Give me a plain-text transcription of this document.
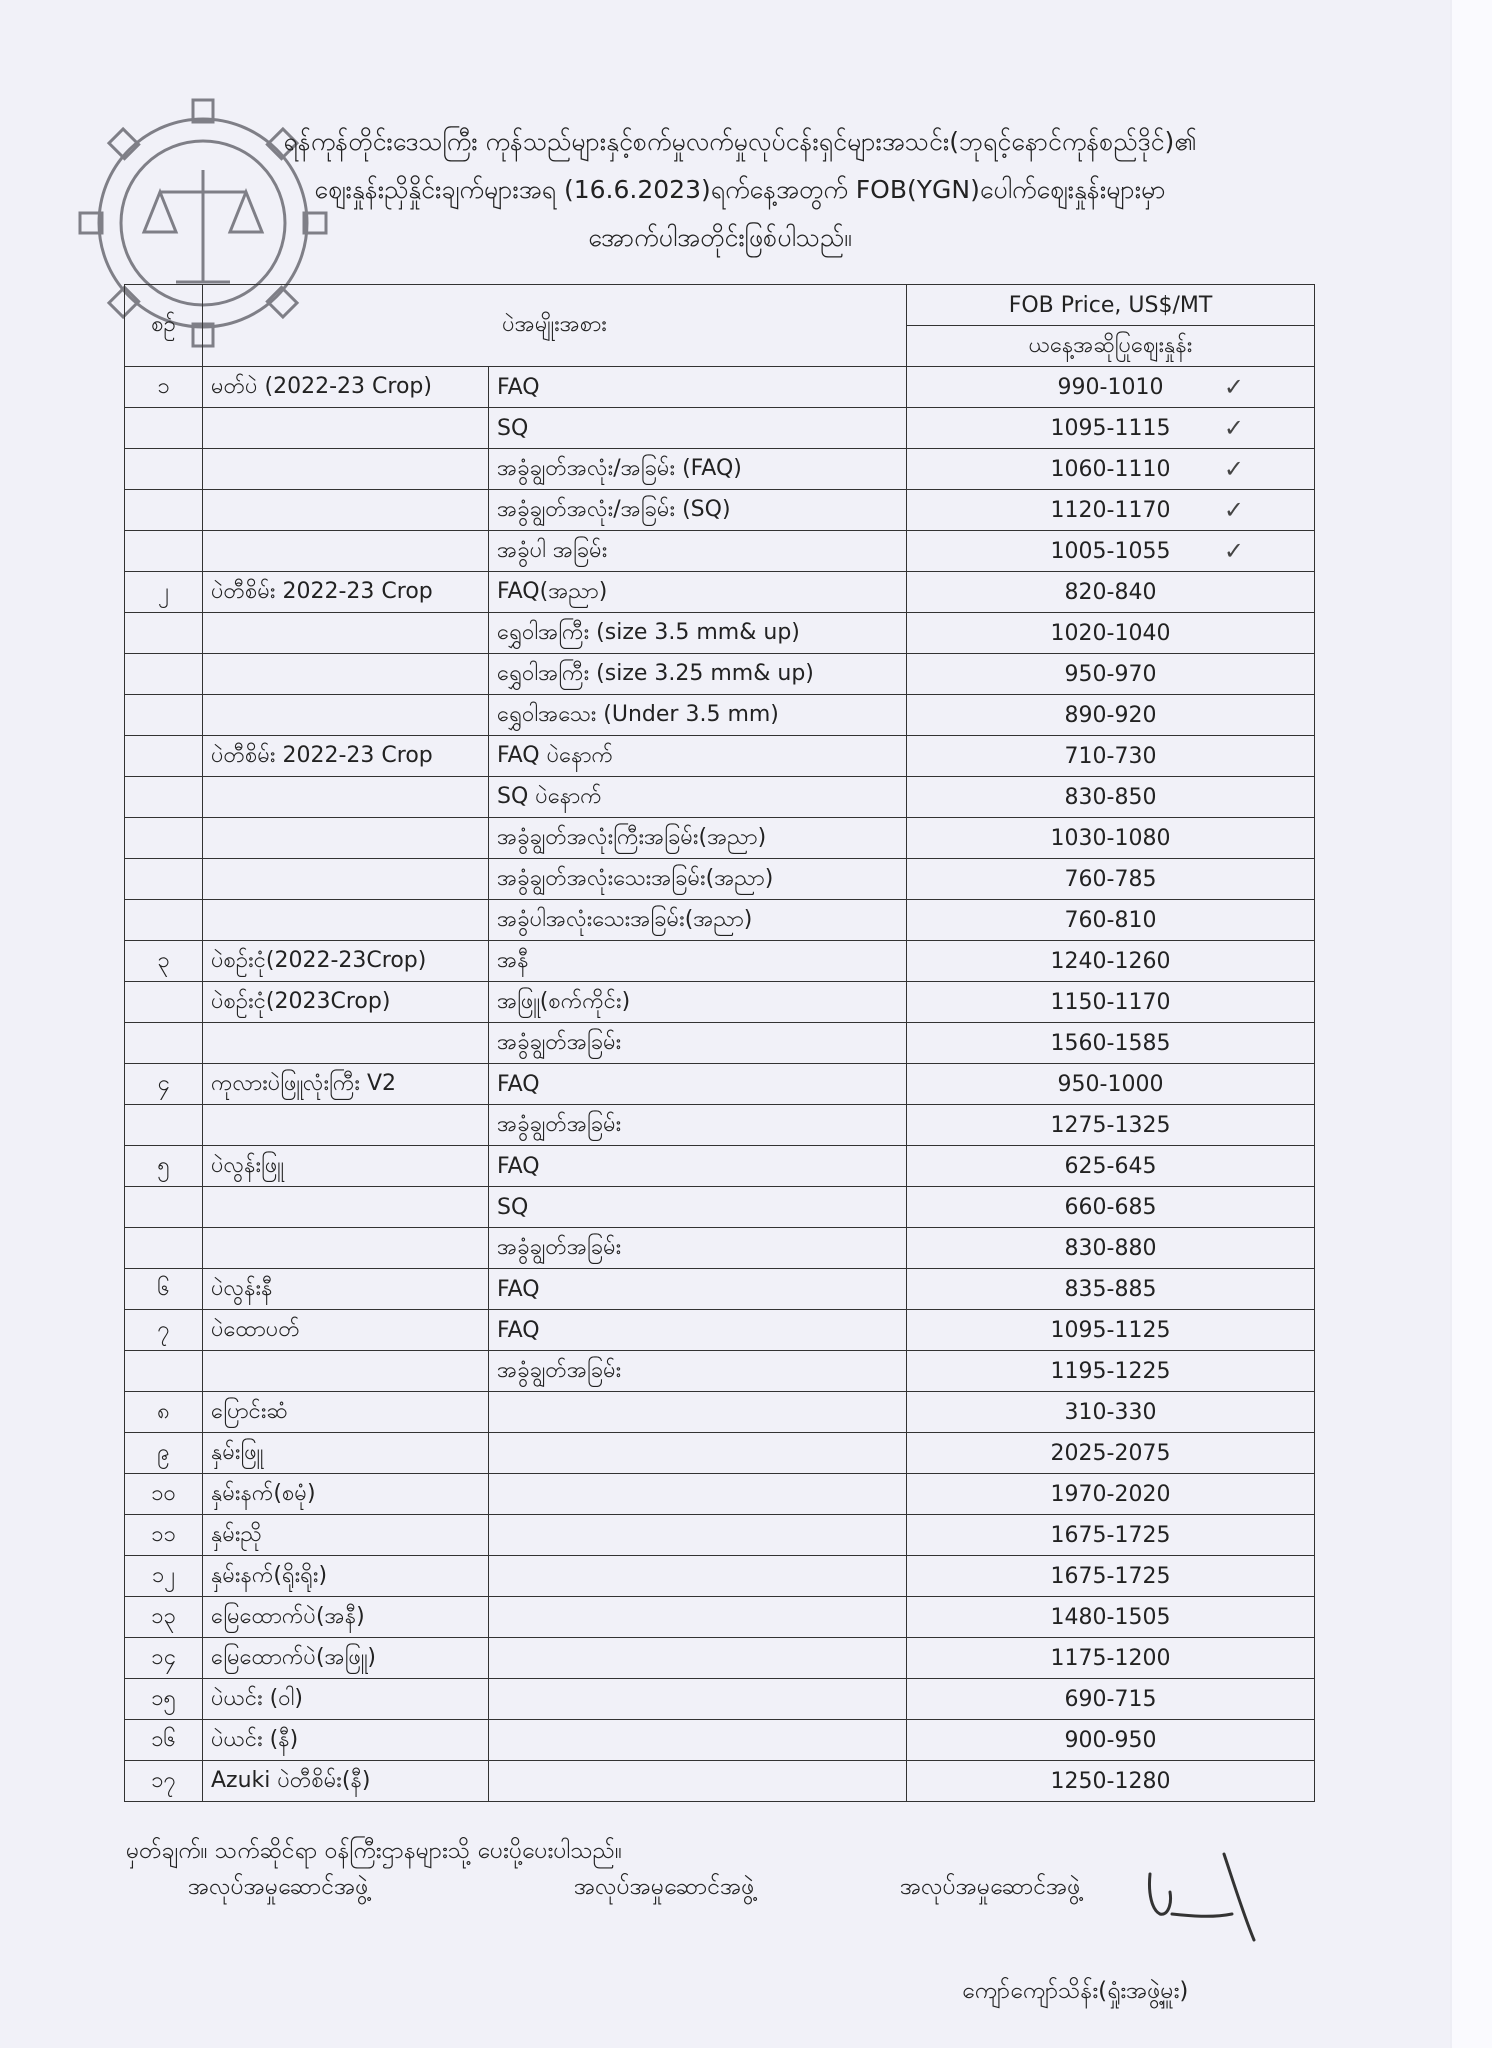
ရန်ကုန်တိုင်းဒေသကြီး ကုန်သည်များနှင့်စက်မှုလက်မှုလုပ်ငန်းရှင်များအသင်း(ဘုရင့်နောင်ကုန်စည်ဒိုင်)၏
ဈေးနှုန်းညှိနှိုင်းချက်များအရ (16.6.2023)ရက်နေ့အတွက် FOB(YGN)ပေါက်ဈေးနှုန်းများမှာ
အောက်ပါအတိုင်းဖြစ်ပါသည်။
စဉ်	ပဲအမျိုးအစား		FOB Price, US$/MT
			ယနေ့အဆိုပြုဈေးနှုန်း
၁	မတ်ပဲ (2022-23 Crop)	FAQ	990-1010 ✓

		SQ	1095-1115 ✓

		အခွံချွတ်အလုံး/အခြမ်း (FAQ)	1060-1110 ✓

		အခွံချွတ်အလုံး/အခြမ်း (SQ)	1120-1170 ✓

		အခွံပါ အခြမ်း	1005-1055 ✓

၂	ပဲတီစိမ်း 2022-23 Crop	FAQ(အညာ)	820-840
		ရွှေဝါအကြီး (size 3.5 mm& up)	1020-1040
		ရွှေဝါအကြီး (size 3.25 mm& up)	950-970
		ရွှေဝါအသေး (Under 3.5 mm)	890-920
	ပဲတီစိမ်း 2022-23 Crop	FAQ ပဲနောက်	710-730
		SQ ပဲနောက်	830-850
		အခွံချွတ်အလုံးကြီးအခြမ်း(အညာ)	1030-1080
		အခွံချွတ်အလုံးသေးအခြမ်း(အညာ)	760-785
		အခွံပါအလုံးသေးအခြမ်း(အညာ)	760-810
၃	ပဲစဉ်းငုံ(2022-23Crop)	အနီ	1240-1260
	ပဲစဉ်းငုံ(2023Crop)	အဖြူ(စက်ကိုင်း)	1150-1170
		အခွံချွတ်အခြမ်း	1560-1585
၄	ကုလားပဲဖြူလုံးကြီး V2	FAQ	950-1000
		အခွံချွတ်အခြမ်း	1275-1325
၅	ပဲလွန်းဖြူ	FAQ	625-645
		SQ	660-685
		အခွံချွတ်အခြမ်း	830-880
၆	ပဲလွန်းနီ	FAQ	835-885
၇	ပဲထောပတ်	FAQ	1095-1125
		အခွံချွတ်အခြမ်း	1195-1225
၈	ပြောင်းဆံ		310-330
၉	နှမ်းဖြူ		2025-2075
၁၀	နှမ်းနက်(စမုံ)		1970-2020
၁၁	နှမ်းညို		1675-1725
၁၂	နှမ်းနက်(ရိုးရိုး)		1675-1725
၁၃	မြေထောက်ပဲ(အနီ)		1480-1505
၁၄	မြေထောက်ပဲ(အဖြူ)		1175-1200
၁၅	ပဲယင်း (ဝါ)		690-715
၁၆	ပဲယင်း (နီ)		900-950
၁၇	Azuki ပဲတီစိမ်း(နီ)		1250-1280
မှတ်ချက်။ သက်ဆိုင်ရာ ဝန်ကြီးဌာနများသို့ ပေးပို့ပေးပါသည်။
အလုပ်အမှုဆောင်အဖွဲ့	အလုပ်အမှုဆောင်အဖွဲ့	အလုပ်အမှုဆောင်အဖွဲ့
ကျော်ကျော်သိန်း(ရှုံးအဖွဲ့မှူး)
